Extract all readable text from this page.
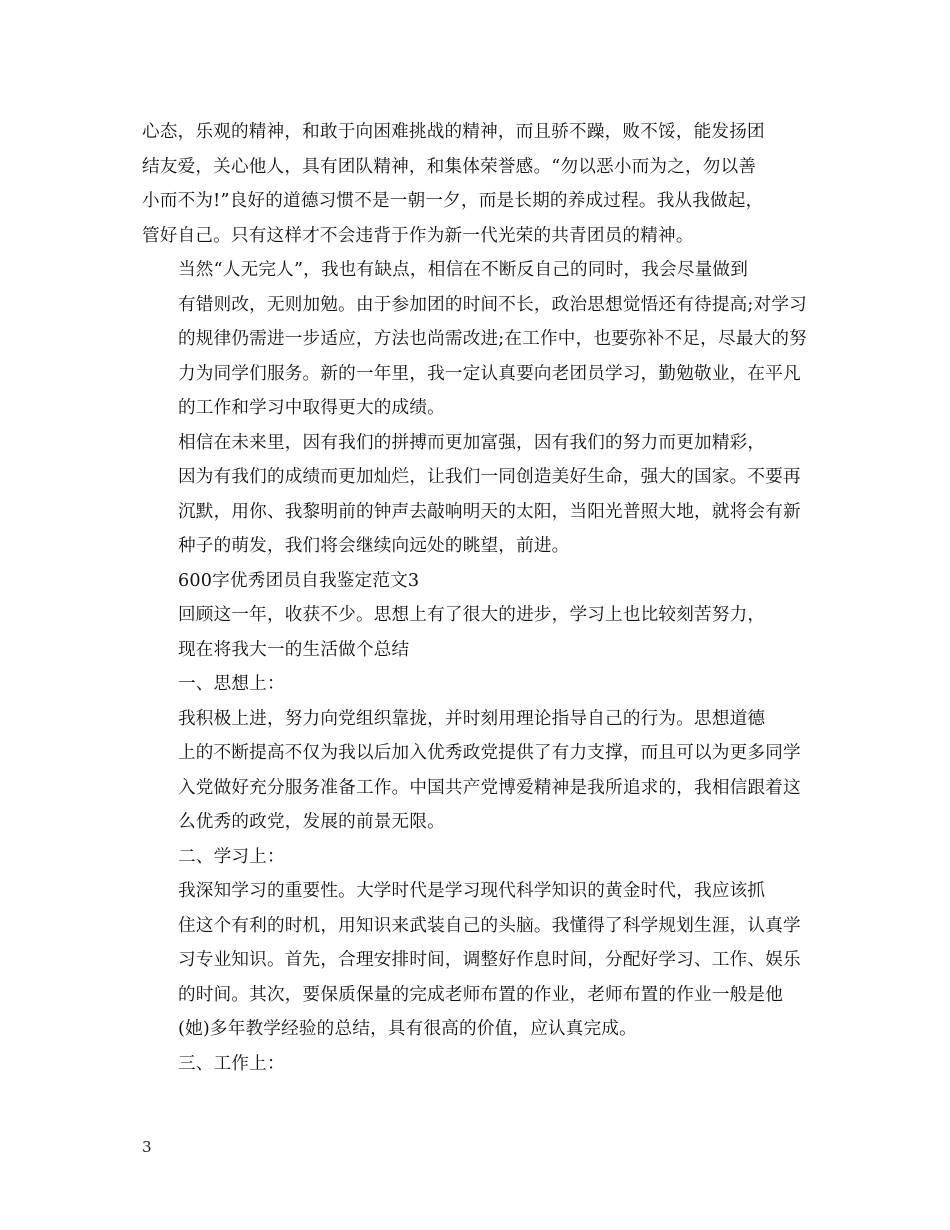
心态，乐观的精神，和敢于向困难挑战的精神，而且骄不躁，败不馁，能发扬团
结友爱，关心他人，具有团队精神，和集体荣誉感。“勿以恶小而为之，勿以善
小而不为!”良好的道德习惯不是一朝一夕，而是长期的养成过程。我从我做起，
管好自己。只有这样才不会违背于作为新一代光荣的共青团员的精神。

当然“人无完人”，我也有缺点，相信在不断反自己的同时，我会尽量做到
有错则改，无则加勉。由于参加团的时间不长，政治思想觉悟还有待提高;对学习
的规律仍需进一步适应，方法也尚需改进;在工作中，也要弥补不足，尽最大的努
力为同学们服务。新的一年里，我一定认真要向老团员学习，勤勉敬业，在平凡
的工作和学习中取得更大的成绩。

相信在未来里，因有我们的拼搏而更加富强，因有我们的努力而更加精彩，
因为有我们的成绩而更加灿烂，让我们一同创造美好生命，强大的国家。不要再
沉默，用你、我黎明前的钟声去敲响明天的太阳，当阳光普照大地，就将会有新
种子的萌发，我们将会继续向远处的眺望，前进。

600字优秀团员自我鉴定范文3

回顾这一年，收获不少。思想上有了很大的进步，学习上也比较刻苦努力，
现在将我大一的生活做个总结

一、思想上：

我积极上进，努力向党组织靠拢，并时刻用理论指导自己的行为。思想道德
上的不断提高不仅为我以后加入优秀政党提供了有力支撑，而且可以为更多同学
入党做好充分服务准备工作。中国共产党博爱精神是我所追求的，我相信跟着这
么优秀的政党，发展的前景无限。

二、学习上：

我深知学习的重要性。大学时代是学习现代科学知识的黄金时代，我应该抓
住这个有利的时机，用知识来武装自己的头脑。我懂得了科学规划生涯，认真学
习专业知识。首先，合理安排时间，调整好作息时间，分配好学习、工作、娱乐
的时间。其次，要保质保量的完成老师布置的作业，老师布置的作业一般是他
(她)多年教学经验的总结，具有很高的价值，应认真完成。

三、工作上：

3
